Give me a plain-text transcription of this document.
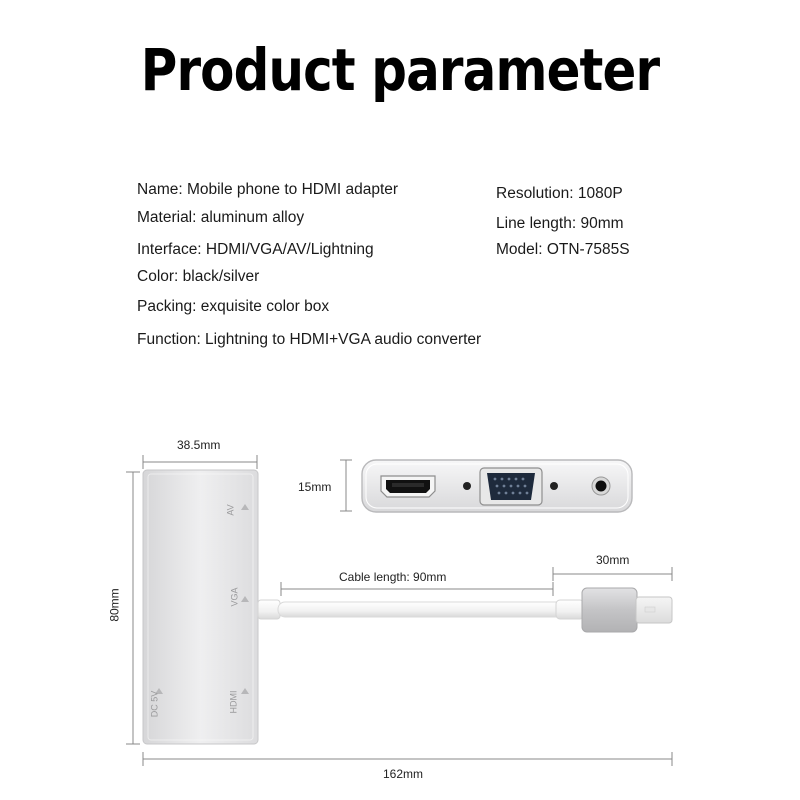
Product parameter
Name: Mobile phone to HDMI adapter
Material: aluminum alloy
Interface: HDMI/VGA/AV/Lightning
Color: black/silver
Packing: exquisite color box
Function: Lightning to HDMI+VGA audio converter
Resolution: 1080P
Line length: 90mm
Model: OTN-7585S
AV
VGA
HDMI
DC 5V
38.5mm
15mm
80mm
Cable length: 90mm
30mm
162mm
